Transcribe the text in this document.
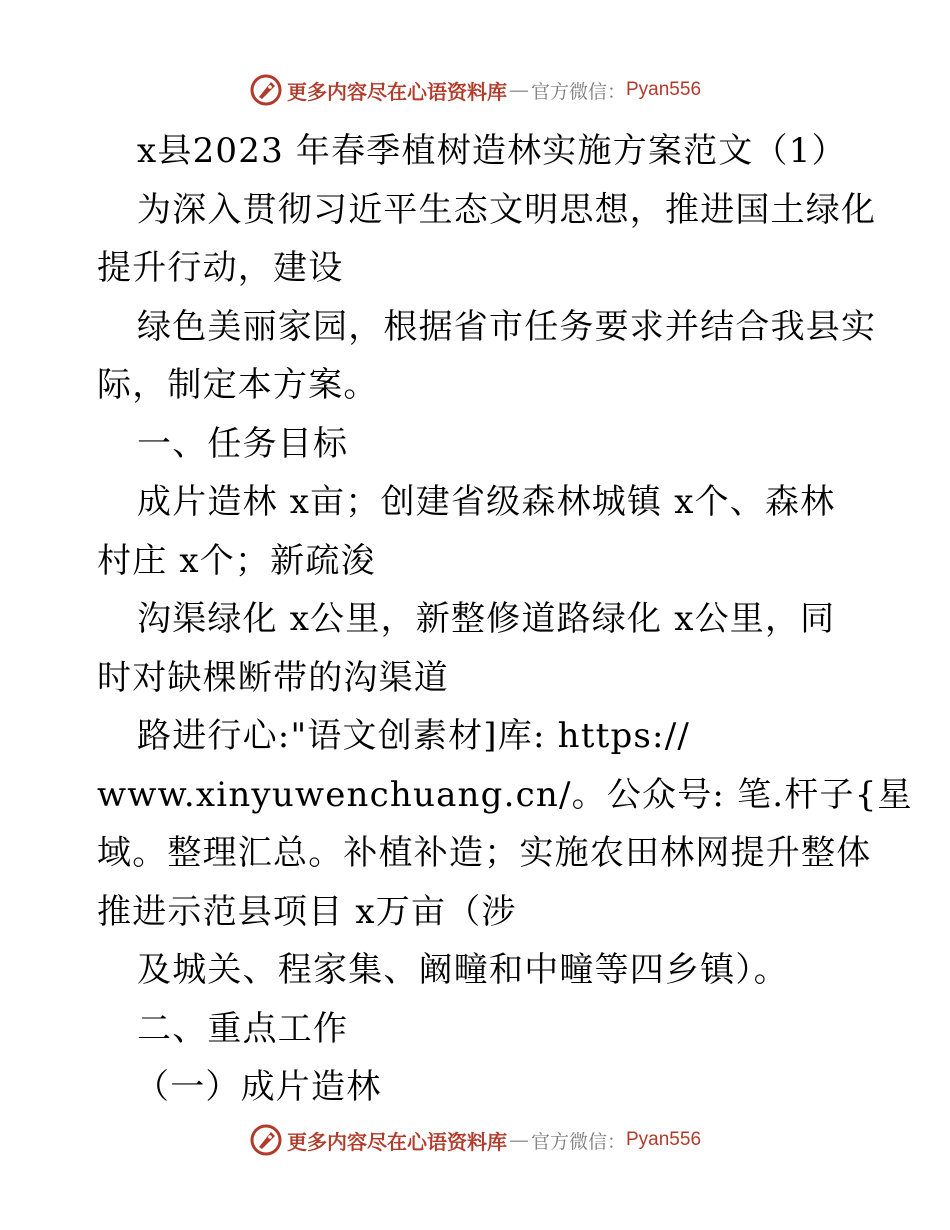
更多内容尽在心语资料库 — 官方微信： Pyan556
x县2023 年春季植树造林实施方案范文（1）
为深入贯彻习近平生态文明思想，推进国土绿化
提升行动，建设
绿色美丽家园，根据省市任务要求并结合我县实
际，制定本方案。
一、任务目标
成片造林 x亩；创建省级森林城镇 x个、森林
村庄 x个；新疏浚
沟渠绿化 x公里，新整修道路绿化 x公里，同
时对缺棵断带的沟渠道
路进行心:"语文创素材]库: https://
www.xinyuwenchuang.cn/。公众号: 笔.杆子{星
域。整理汇总。补植补造；实施农田林网提升整体
推进示范县项目 x万亩（涉
及城关、程家集、阚疃和中疃等四乡镇）。
二、重点工作
（一）成片造林
更多内容尽在心语资料库 — 官方微信： Pyan556
